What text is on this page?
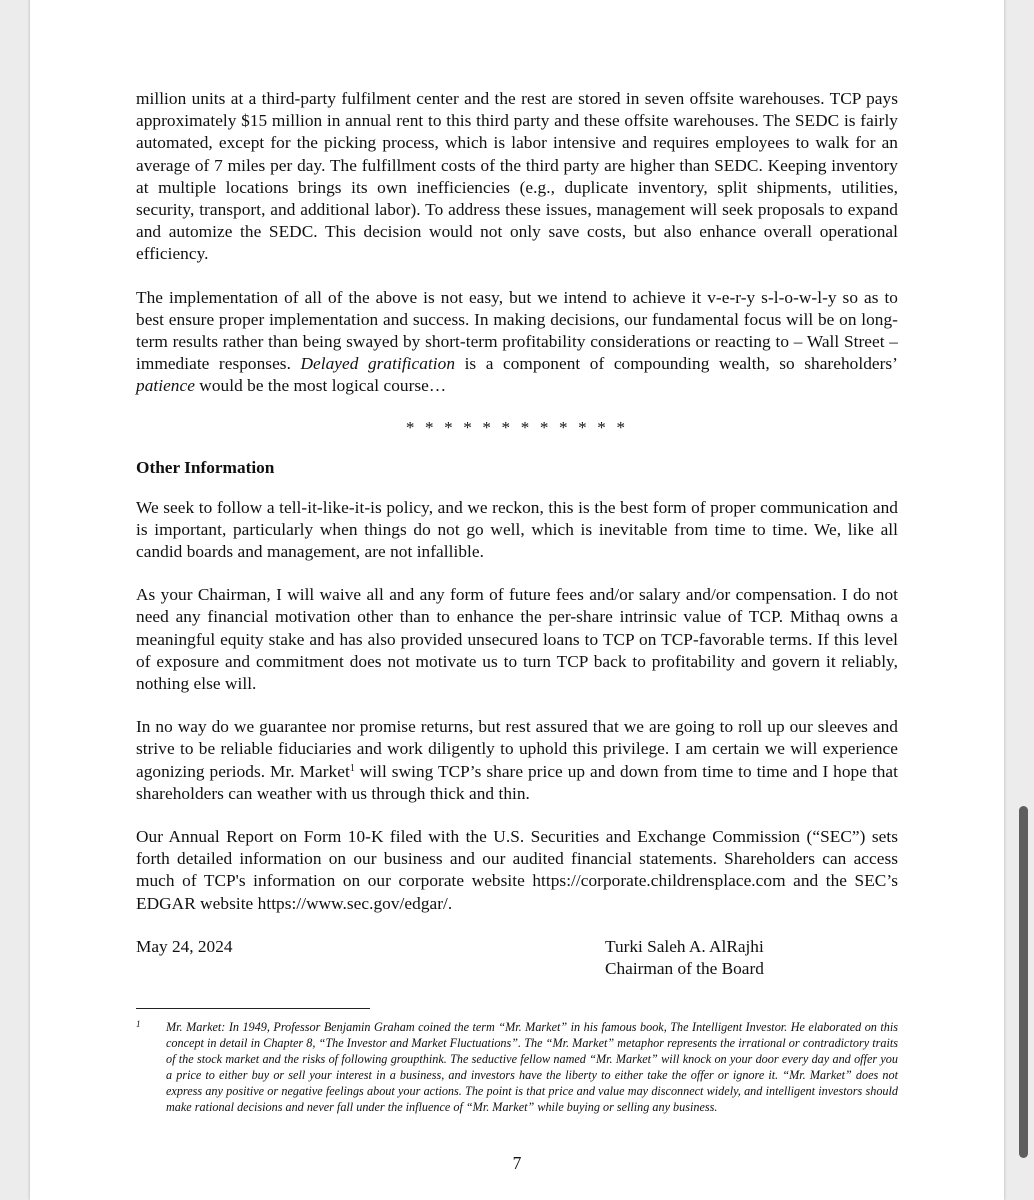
million units at a third-party fulfilment center and the rest are stored in seven offsite warehouses. TCP pays approximately $15 million in annual rent to this third party and these offsite warehouses. The SEDC is fairly automated, except for the picking process, which is labor intensive and requires employees to walk for an average of 7 miles per day. The fulfillment costs of the third party are higher than SEDC. Keeping inventory at multiple locations brings its own inefficiencies (e.g., duplicate inventory, split shipments, utilities, security, transport, and additional labor). To address these issues, management will seek proposals to expand and automize the SEDC. This decision would not only save costs, but also enhance overall operational efficiency.

The implementation of all of the above is not easy, but we intend to achieve it v-e-r-y s-l-o-w-l-y so as to best ensure proper implementation and success. In making decisions, our fundamental focus will be on long-term results rather than being swayed by short-term profitability considerations or reacting to – Wall Street – immediate responses. Delayed gratification is a component of compounding wealth, so shareholders’ patience would be the most logical course…

* * * * * * * * * * * *
Other Information

We seek to follow a tell-it-like-it-is policy, and we reckon, this is the best form of proper communication and is important, particularly when things do not go well, which is inevitable from time to time. We, like all candid boards and management, are not infallible.

As your Chairman, I will waive all and any form of future fees and/or salary and/or compensation. I do not need any financial motivation other than to enhance the per-share intrinsic value of TCP. Mithaq owns a meaningful equity stake and has also provided unsecured loans to TCP on TCP-favorable terms. If this level of exposure and commitment does not motivate us to turn TCP back to profitability and govern it reliably, nothing else will.

In no way do we guarantee nor promise returns, but rest assured that we are going to roll up our sleeves and strive to be reliable fiduciaries and work diligently to uphold this privilege. I am certain we will experience agonizing periods. Mr. Market$^1$ will swing TCP’s share price up and down from time to time and I hope that shareholders can weather with us through thick and thin.

Our Annual Report on Form 10-K filed with the U.S. Securities and Exchange Commission (“SEC”) sets forth detailed information on our business and our audited financial statements. Shareholders can access much of TCP's information on our corporate website https://corporate.childrensplace.com and the SEC’s EDGAR website https://www.sec.gov/edgar/.

May 24, 2024	Turki Saleh A. AlRajhi
Chairman of the Board
1 Mr. Market: In 1949, Professor Benjamin Graham coined the term “Mr. Market” in his famous book, The Intelligent Investor. He elaborated on this concept in detail in Chapter 8, “The Investor and Market Fluctuations”. The “Mr. Market” metaphor represents the irrational or contradictory traits of the stock market and the risks of following groupthink. The seductive fellow named “Mr. Market” will knock on your door every day and offer you a price to either buy or sell your interest in a business, and investors have the liberty to either take the offer or ignore it. “Mr. Market” does not express any positive or negative feelings about your actions. The point is that price and value may disconnect widely, and intelligent investors should make rational decisions and never fall under the influence of “Mr. Market” while buying or selling any business.
7
